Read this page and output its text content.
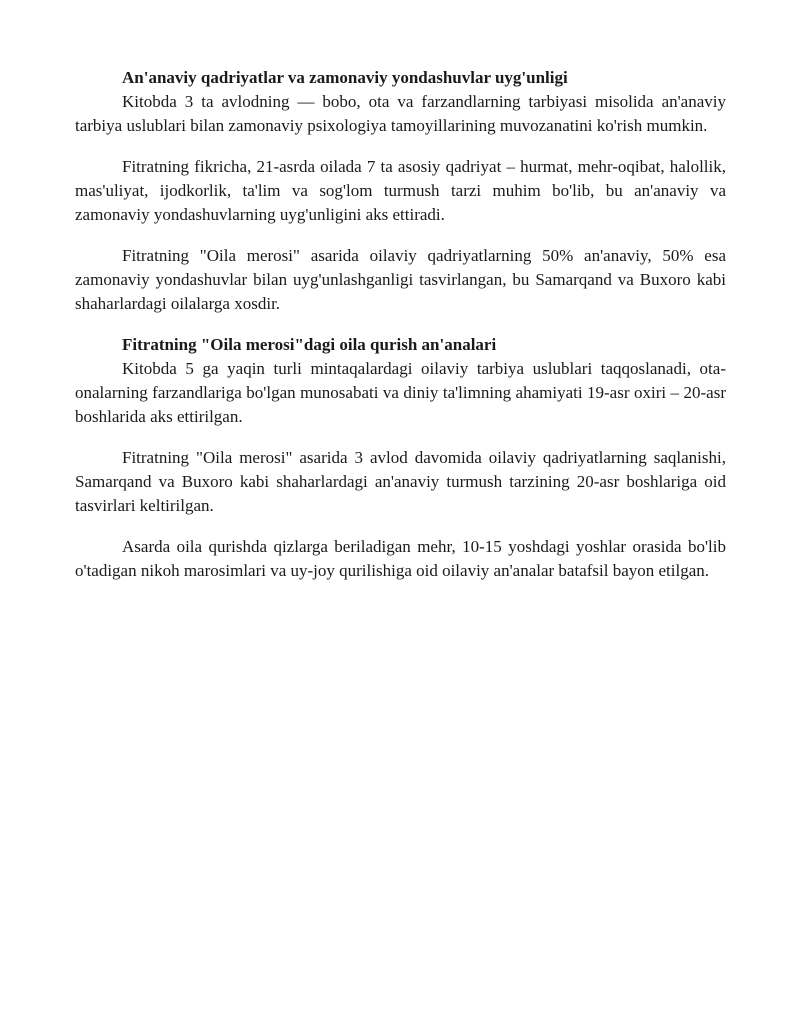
An'anaviy qadriyatlar va zamonaviy yondashuvlar uyg'unligi

Kitobda 3 ta avlodning — bobo, ota va farzandlarning tarbiyasi misolida an'anaviy tarbiya uslublari bilan zamonaviy psixologiya tamoyillarining muvozanatini ko'rish mumkin.

Fitratning fikricha, 21-asrda oilada 7 ta asosiy qadriyat – hurmat, mehr-oqibat, halollik, mas'uliyat, ijodkorlik, ta'lim va sog'lom turmush tarzi muhim bo'lib, bu an'anaviy va zamonaviy yondashuvlarning uyg'unligini aks ettiradi.

Fitratning "Oila merosi" asarida oilaviy qadriyatlarning 50% an'anaviy, 50% esa zamonaviy yondashuvlar bilan uyg'unlashganligi tasvirlangan, bu Samarqand va Buxoro kabi shaharlardagi oilalarga xosdir.

Fitratning "Oila merosi"dagi oila qurish an'analari

Kitobda 5 ga yaqin turli mintaqalardagi oilaviy tarbiya uslublari taqqoslanadi, ota-onalarning farzandlariga bo'lgan munosabati va diniy ta'limning ahamiyati 19-asr oxiri – 20-asr boshlarida aks ettirilgan.

Fitratning "Oila merosi" asarida 3 avlod davomida oilaviy qadriyatlarning saqlanishi, Samarqand va Buxoro kabi shaharlardagi an'anaviy turmush tarzining 20-asr boshlariga oid tasvirlari keltirilgan.

Asarda oila qurishda qizlarga beriladigan mehr, 10-15 yoshdagi yoshlar orasida bo'lib o'tadigan nikoh marosimlari va uy-joy qurilishiga oid oilaviy an'analar batafsil bayon etilgan.
